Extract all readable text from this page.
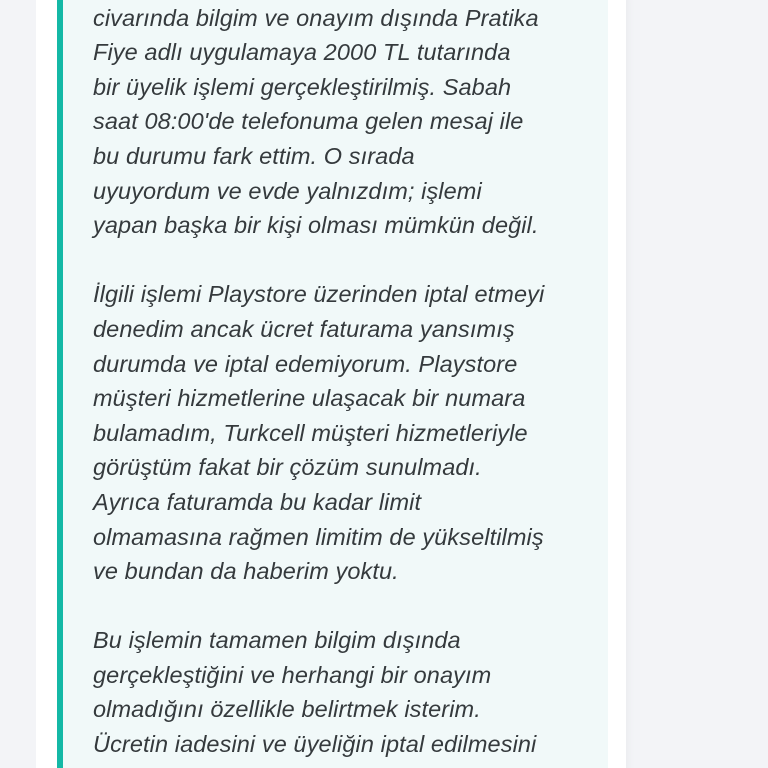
civarında bilgim ve onayım dışında Pratika
Fiye adlı uygulamaya 2000 TL tutarında
bir üyelik işlemi gerçekleştirilmiş. Sabah
saat 08:00'de telefonuma gelen mesaj ile
bu durumu fark ettim. O sırada
uyuyordum ve evde yalnızdım; işlemi
yapan başka bir kişi olması mümkün değil.
İlgili işlemi Playstore üzerinden iptal etmeyi
denedim ancak ücret faturama yansımış
durumda ve iptal edemiyorum. Playstore
müşteri hizmetlerine ulaşacak bir numara
bulamadım, Turkcell müşteri hizmetleriyle
görüştüm fakat bir çözüm sunulmadı.
Ayrıca faturamda bu kadar limit
olmamasına rağmen limitim de yükseltilmiş
ve bundan da haberim yoktu.
Bu işlemin tamamen bilgim dışında
gerçekleştiğini ve herhangi bir onayım
olmadığını özellikle belirtmek isterim.
Ücretin iadesini ve üyeliğin iptal edilmesini
